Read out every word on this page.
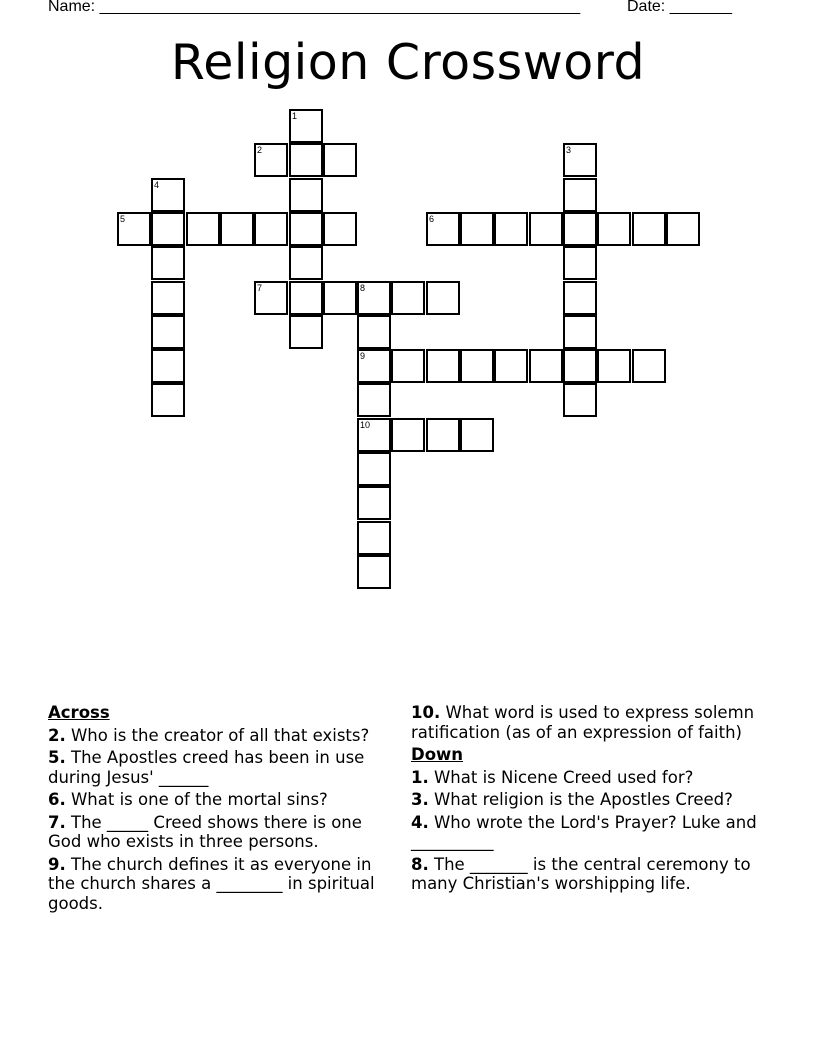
Name: ______________________________________________________	Date: _______
Religion Crossword
1
2	3
4
5	6
7	8
9
10
Across
2. Who is the creator of all that exists?
5. The Apostles creed has been in use during Jesus' ______
6. What is one of the mortal sins?
7. The _____ Creed shows there is one God who exists in three persons.
9. The church defines it as everyone in the church shares a ________ in spiritual goods.
10. What word is used to express solemn ratification (as of an expression of faith)
Down
1. What is Nicene Creed used for?
3. What religion is the Apostles Creed?
4. Who wrote the Lord's Prayer? Luke and __________
8. The _______ is the central ceremony to many Christian's worshipping life.
